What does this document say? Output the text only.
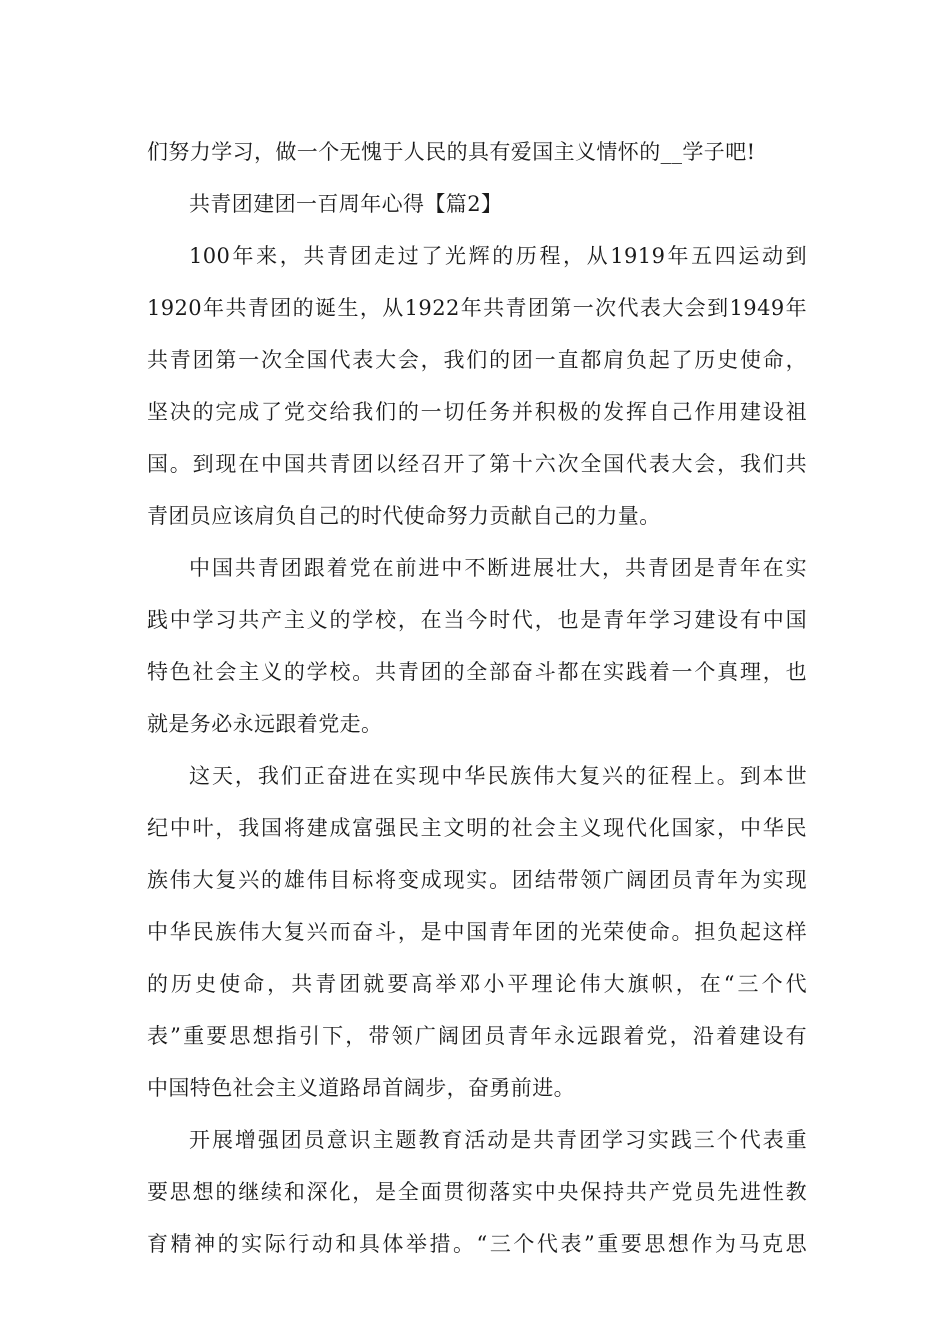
们努力学习，做一个无愧于人民的具有爱国主义情怀的__学子吧!
共青团建团一百周年心得【篇2】
100年来，共青团走过了光辉的历程，从1919年五四运动到
1920年共青团的诞生，从1922年共青团第一次代表大会到1949年
共青团第一次全国代表大会，我们的团一直都肩负起了历史使命，
坚决的完成了党交给我们的一切任务并积极的发挥自己作用建设祖
国。到现在中国共青团以经召开了第十六次全国代表大会，我们共
青团员应该肩负自己的时代使命努力贡献自己的力量。
中国共青团跟着党在前进中不断进展壮大，共青团是青年在实
践中学习共产主义的学校，在当今时代，也是青年学习建设有中国
特色社会主义的学校。共青团的全部奋斗都在实践着一个真理，也
就是务必永远跟着党走。
这天，我们正奋进在实现中华民族伟大复兴的征程上。到本世
纪中叶，我国将建成富强民主文明的社会主义现代化国家，中华民
族伟大复兴的雄伟目标将变成现实。团结带领广阔团员青年为实现
中华民族伟大复兴而奋斗，是中国青年团的光荣使命。担负起这样
的历史使命，共青团就要高举邓小平理论伟大旗帜，在“三个代
表”重要思想指引下，带领广阔团员青年永远跟着党，沿着建设有
中国特色社会主义道路昂首阔步，奋勇前进。
开展增强团员意识主题教育活动是共青团学习实践三个代表重
要思想的继续和深化，是全面贯彻落实中央保持共产党员先进性教
育精神的实际行动和具体举措。“三个代表”重要思想作为马克思
